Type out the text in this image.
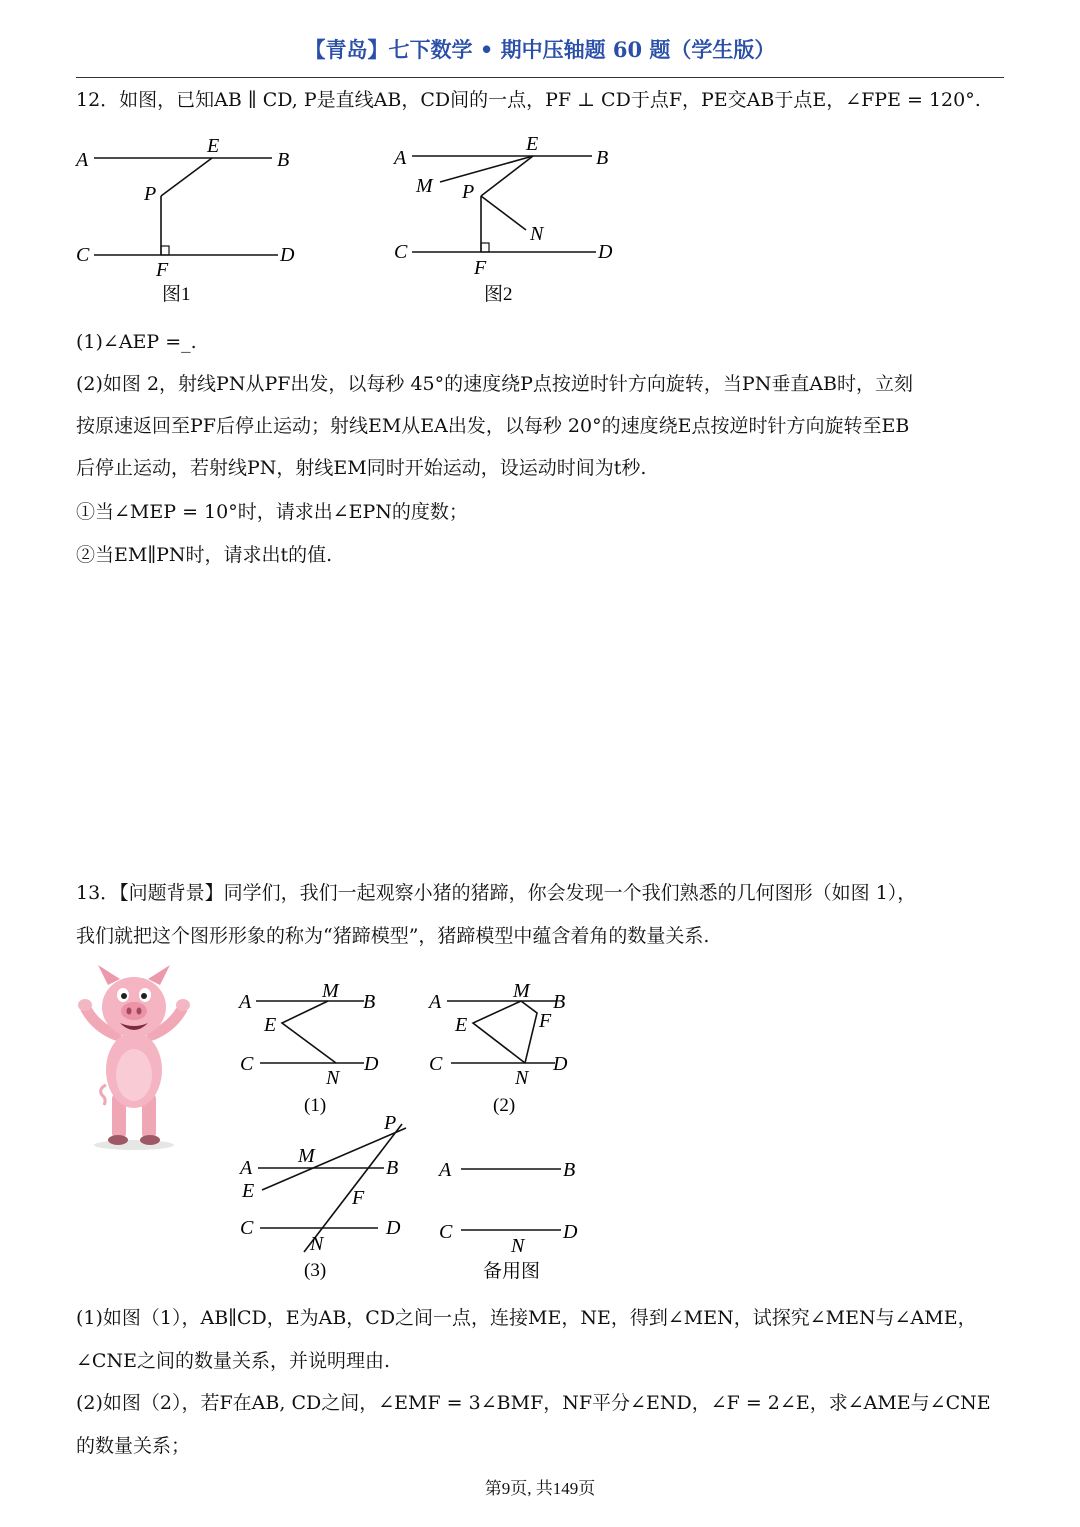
【青岛】七下数学 • 期中压轴题 60 题（学生版）
12．如图，已知AB ∥ CD, P是直线AB，CD间的一点，PF ⊥ CD于点F，PE交AB于点E，∠FPE = 120°.
A
E
B
P
C
F
D
图1
A
E
B
M P
N
C
F
D
图2
(1)∠AEP =_.
(2)如图 2，射线PN从PF出发，以每秒 45°的速度绕P点按逆时针方向旋转，当PN垂直AB时，立刻
按原速返回至PF后停止运动；射线EM从EA出发，以每秒 20°的速度绕E点按逆时针方向旋转至EB
后停止运动，若射线PN，射线EM同时开始运动，设运动时间为t秒.
①当∠MEP = 10°时，请求出∠EPN的度数；
②当EM∥PN时，请求出t的值.
13．【问题背景】同学们，我们一起观察小猪的猪蹄，你会发现一个我们熟悉的几何图形（如图 1），
我们就把这个图形形象的称为“猪蹄模型”，猪蹄模型中蕴含着角的数量关系.
A	M B
E
C
N
D
(1)
A	M B
E	F
C
N
D
(2)
P
A
M
B
E	F
C	D
N
(3)
A	B
C
N
D
备用图
(1)如图（1），AB∥CD，E为AB，CD之间一点，连接ME，NE，得到∠MEN，试探究∠MEN与∠AME，
∠CNE之间的数量关系，并说明理由.
(2)如图（2），若F在AB, CD之间，∠EMF = 3∠BMF，NF平分∠END，∠F = 2∠E，求∠AME与∠CNE
的数量关系；
第9页, 共149页
